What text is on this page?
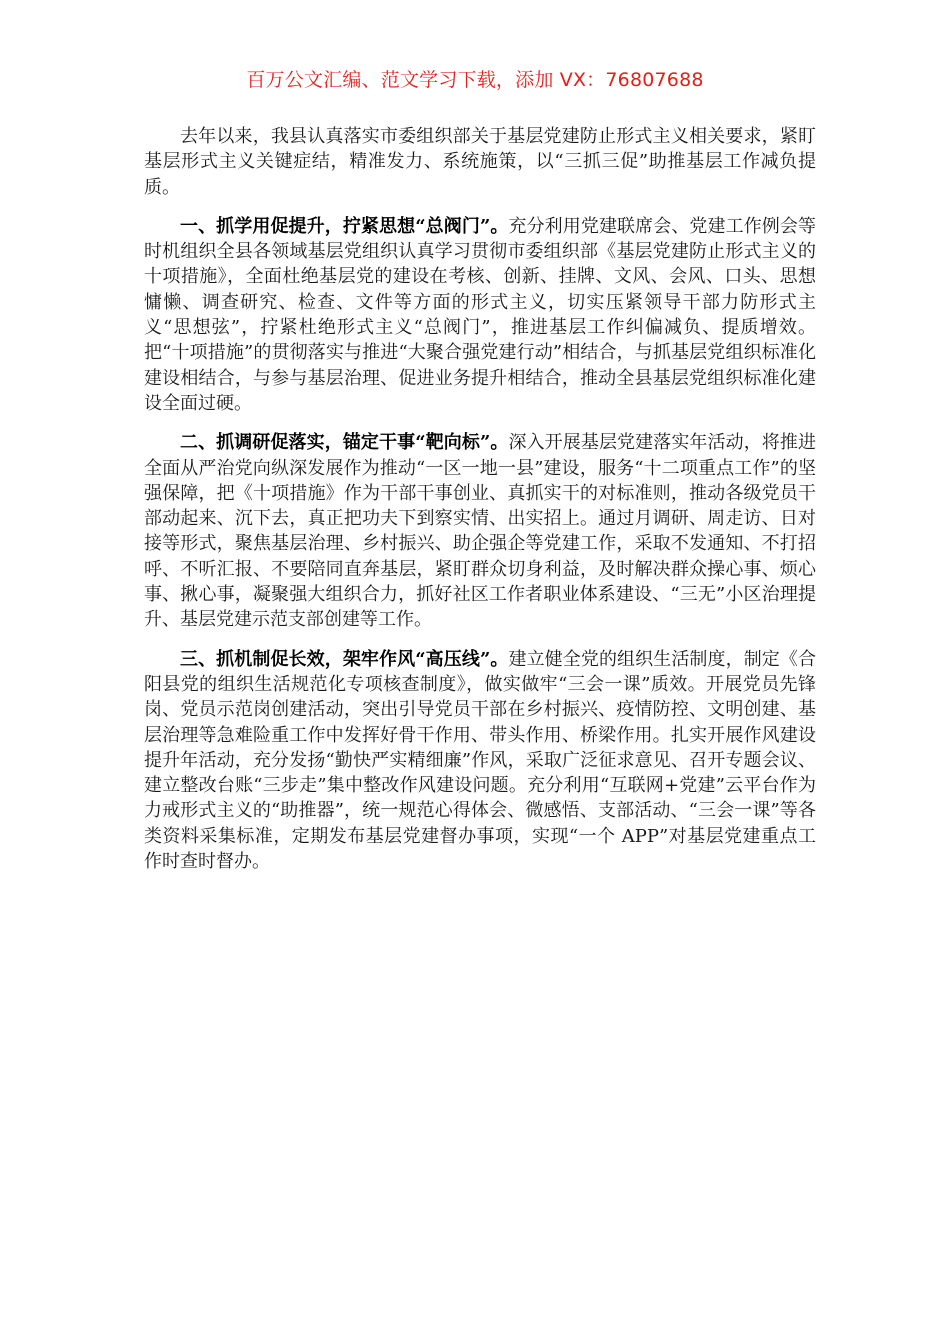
百万公文汇编、范文学习下载，添加 VX：76807688

去年以来，我县认真落实市委组织部关于基层党建防止形式主义相关要求，紧盯基层形式主义关键症结，精准发力、系统施策，以“三抓三促”助推基层工作减负提质。

一、抓学用促提升，拧紧思想“总阀门”。充分利用党建联席会、党建工作例会等时机组织全县各领域基层党组织认真学习贯彻市委组织部《基层党建防止形式主义的十项措施》，全面杜绝基层党的建设在考核、创新、挂牌、文风、会风、口头、思想慵懒、调查研究、检查、文件等方面的形式主义，切实压紧领导干部力防形式主义“思想弦”，拧紧杜绝形式主义“总阀门”，推进基层工作纠偏减负、提质增效。把“十项措施”的贯彻落实与推进“大聚合强党建行动”相结合，与抓基层党组织标准化建设相结合，与参与基层治理、促进业务提升相结合，推动全县基层党组织标准化建设全面过硬。

二、抓调研促落实，锚定干事“靶向标”。深入开展基层党建落实年活动，将推进全面从严治党向纵深发展作为推动“一区一地一县”建设，服务“十二项重点工作”的坚强保障，把《十项措施》作为干部干事创业、真抓实干的对标准则，推动各级党员干部动起来、沉下去，真正把功夫下到察实情、出实招上。通过月调研、周走访、日对接等形式，聚焦基层治理、乡村振兴、助企强企等党建工作，采取不发通知、不打招呼、不听汇报、不要陪同直奔基层，紧盯群众切身利益，及时解决群众操心事、烦心事、揪心事，凝聚强大组织合力，抓好社区工作者职业体系建设、“三无”小区治理提升、基层党建示范支部创建等工作。

三、抓机制促长效，架牢作风“高压线”。建立健全党的组织生活制度，制定《合阳县党的组织生活规范化专项核查制度》，做实做牢“三会一课”质效。开展党员先锋岗、党员示范岗创建活动，突出引导党员干部在乡村振兴、疫情防控、文明创建、基层治理等急难险重工作中发挥好骨干作用、带头作用、桥梁作用。扎实开展作风建设提升年活动，充分发扬“勤快严实精细廉”作风，采取广泛征求意见、召开专题会议、建立整改台账“三步走”集中整改作风建设问题。充分利用“互联网+党建”云平台作为力戒形式主义的“助推器”，统一规范心得体会、微感悟、支部活动、“三会一课”等各类资料采集标准，定期发布基层党建督办事项，实现“一个 APP”对基层党建重点工作时查时督办。
